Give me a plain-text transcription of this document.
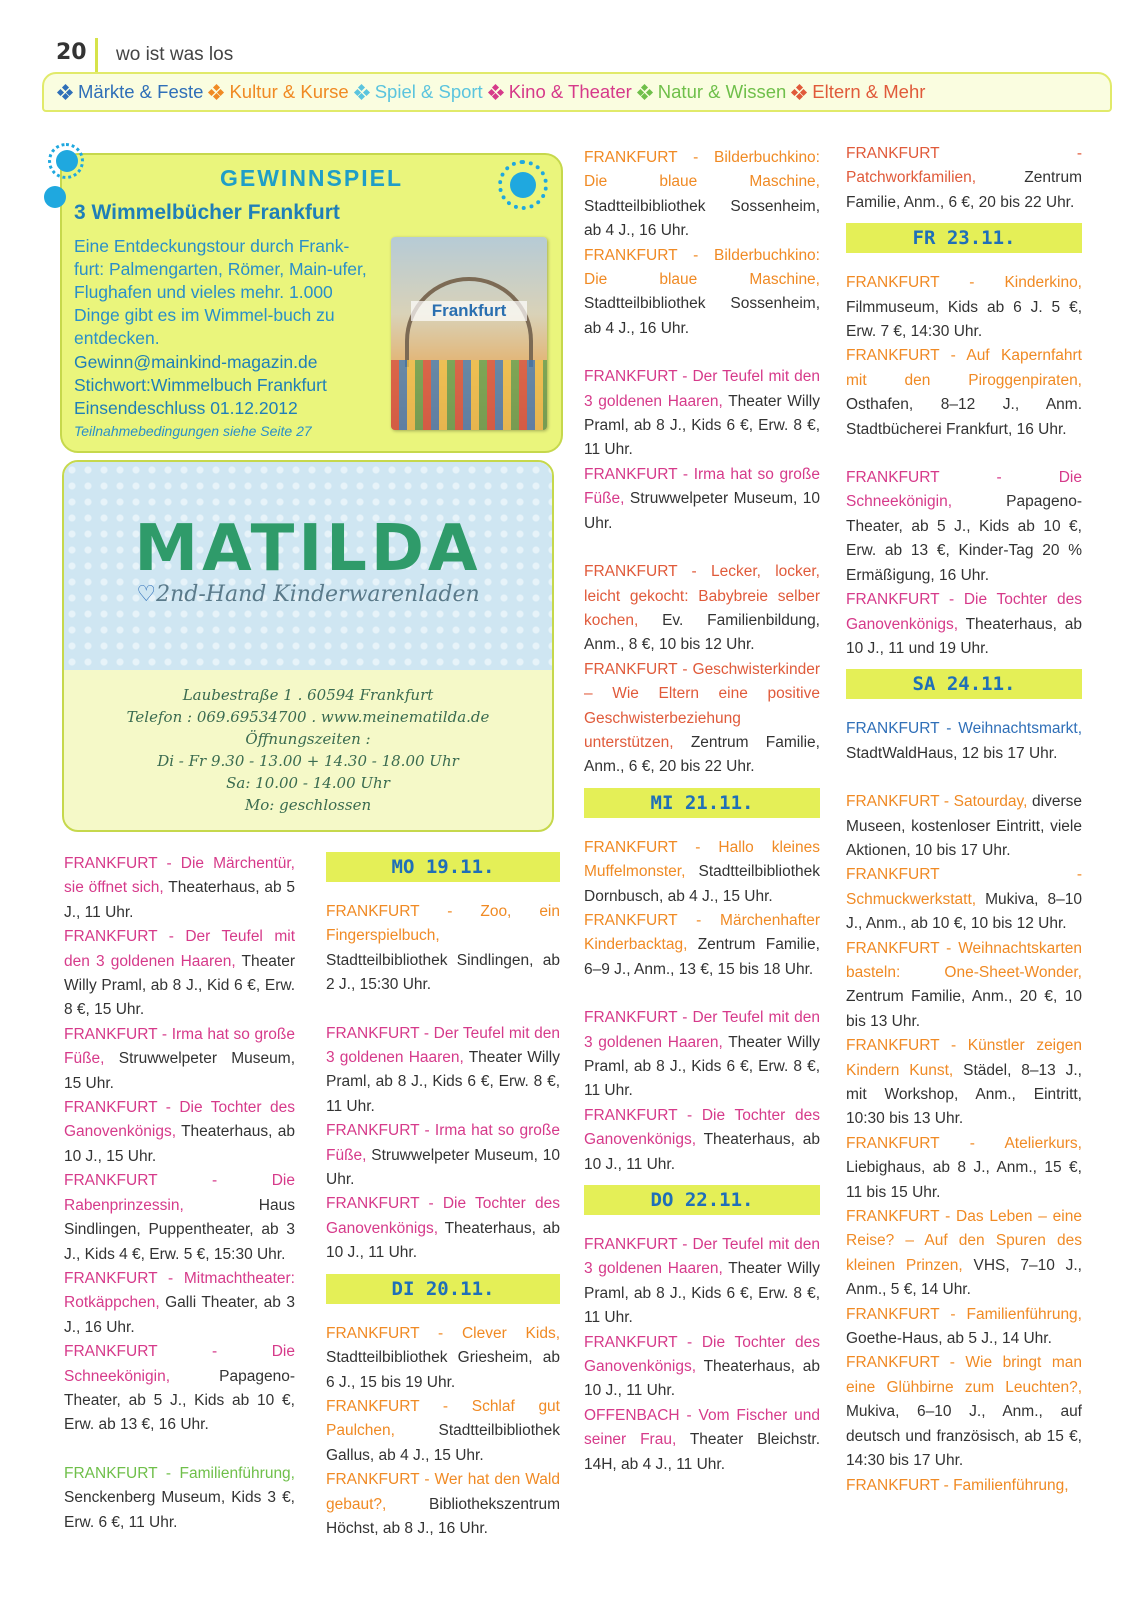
20 wo ist was los
Märkte & Feste Kultur & Kurse Spiel & Sport Kino & Theater Natur & Wissen Eltern & Mehr
GEWINNSPIEL
3 Wimmelbücher Frankfurt
Eine Entdeckungstour durch Frank-furt: Palmengarten, Römer, Main-ufer, Flughafen und vieles mehr. 1.000 Dinge gibt es im Wimmel-buch zu entdecken.
Gewinn@mainkind-magazin.de
Stichwort:Wimmelbuch Frankfurt
Einsendeschluss 01.12.2012
Teilnahmebedingungen siehe Seite 27
Frankfurt
MATILDA
♡2nd-Hand Kinderwarenladen
Laubestraße 1 . 60594 Frankfurt
Telefon : 069.69534700 . www.meinematilda.de
Öffnungszeiten :
Di - Fr 9.30 - 13.00 + 14.30 - 18.00 Uhr
Sa: 10.00 - 14.00 Uhr
Mo: geschlossen

FRANKFURT - Die Märchentür, sie öffnet sich, Theaterhaus, ab 5 J., 11 Uhr.

FRANKFURT - Der Teufel mit den 3 goldenen Haaren, Theater Willy Praml, ab 8 J., Kid 6 €, Erw. 8 €, 15 Uhr.

FRANKFURT - Irma hat so große Füße, Struwwelpeter Museum, 15 Uhr.

FRANKFURT - Die Tochter des Ganovenkönigs, Theaterhaus, ab 10 J., 15 Uhr.

FRANKFURT - Die Rabenprinzessin, Haus Sindlingen, Puppentheater, ab 3 J., Kids 4 €, Erw. 5 €, 15:30 Uhr.

FRANKFURT - Mitmachtheater: Rotkäppchen, Galli Theater, ab 3 J., 16 Uhr.

FRANKFURT - Die Schneekönigin, Papageno-Theater, ab 5 J., Kids ab 10 €, Erw. ab 13 €, 16 Uhr.

FRANKFURT - Familienführung, Senckenberg Museum, Kids 3 €, Erw. 6 €, 11 Uhr.

MO 19.11.

FRANKFURT - Zoo, ein Fingerspielbuch, Stadtteilbibliothek Sindlingen, ab 2 J., 15:30 Uhr.

FRANKFURT - Der Teufel mit den 3 goldenen Haaren, Theater Willy Praml, ab 8 J., Kids 6 €, Erw. 8 €, 11 Uhr.

FRANKFURT - Irma hat so große Füße, Struwwelpeter Museum, 10 Uhr.

FRANKFURT - Die Tochter des Ganovenkönigs, Theaterhaus, ab 10 J., 11 Uhr.

DI 20.11.

FRANKFURT - Clever Kids, Stadtteilbibliothek Griesheim, ab 6 J., 15 bis 19 Uhr.

FRANKFURT - Schlaf gut Paulchen, Stadtteilbibliothek Gallus, ab 4 J., 15 Uhr.

FRANKFURT - Wer hat den Wald gebaut?, Bibliothekszentrum Höchst, ab 8 J., 16 Uhr.

FRANKFURT - Bilderbuchkino: Die blaue Maschine, Stadtteilbibliothek Sossenheim, ab 4 J., 16 Uhr.

FRANKFURT - Bilderbuchkino: Die blaue Maschine, Stadtteilbibliothek Sossenheim, ab 4 J., 16 Uhr.

FRANKFURT - Der Teufel mit den 3 goldenen Haaren, Theater Willy Praml, ab 8 J., Kids 6 €, Erw. 8 €, 11 Uhr.

FRANKFURT - Irma hat so große Füße, Struwwelpeter Museum, 10 Uhr.

FRANKFURT - Lecker, locker, leicht gekocht: Babybreie selber kochen, Ev. Familienbildung, Anm., 8 €, 10 bis 12 Uhr.

FRANKFURT - Geschwisterkinder – Wie Eltern eine positive Geschwisterbeziehung unterstützen, Zentrum Familie, Anm., 6 €, 20 bis 22 Uhr.

MI 21.11.

FRANKFURT - Hallo kleines Muffelmonster, Stadtteilbibliothek Dornbusch, ab 4 J., 15 Uhr.

FRANKFURT - Märchenhafter Kinderbacktag, Zentrum Familie, 6–9 J., Anm., 13 €, 15 bis 18 Uhr.

FRANKFURT - Der Teufel mit den 3 goldenen Haaren, Theater Willy Praml, ab 8 J., Kids 6 €, Erw. 8 €, 11 Uhr.

FRANKFURT - Die Tochter des Ganovenkönigs, Theaterhaus, ab 10 J., 11 Uhr.

DO 22.11.

FRANKFURT - Der Teufel mit den 3 goldenen Haaren, Theater Willy Praml, ab 8 J., Kids 6 €, Erw. 8 €, 11 Uhr.

FRANKFURT - Die Tochter des Ganovenkönigs, Theaterhaus, ab 10 J., 11 Uhr.

OFFENBACH - Vom Fischer und seiner Frau, Theater Bleichstr. 14H, ab 4 J., 11 Uhr.

FRANKFURT - Patchworkfamilien, Zentrum Familie, Anm., 6 €, 20 bis 22 Uhr.

FR 23.11.

FRANKFURT - Kinderkino, Filmmuseum, Kids ab 6 J. 5 €, Erw. 7 €, 14:30 Uhr.

FRANKFURT - Auf Kapernfahrt mit den Piroggenpiraten, Osthafen, 8–12 J., Anm. Stadtbücherei Frankfurt, 16 Uhr.

FRANKFURT - Die Schneekönigin, Papageno-Theater, ab 5 J., Kids ab 10 €, Erw. ab 13 €, Kinder-Tag 20 % Ermäßigung, 16 Uhr.

FRANKFURT - Die Tochter des Ganovenkönigs, Theaterhaus, ab 10 J., 11 und 19 Uhr.

SA 24.11.

FRANKFURT - Weihnachtsmarkt, StadtWaldHaus, 12 bis 17 Uhr.

FRANKFURT - Satourday, diverse Museen, kostenloser Eintritt, viele Aktionen, 10 bis 17 Uhr.

FRANKFURT - Schmuckwerkstatt, Mukiva, 8–10 J., Anm., ab 10 €, 10 bis 12 Uhr.

FRANKFURT - Weihnachtskarten basteln: One-Sheet-Wonder, Zentrum Familie, Anm., 20 €, 10 bis 13 Uhr.

FRANKFURT - Künstler zeigen Kindern Kunst, Städel, 8–13 J., mit Workshop, Anm., Eintritt, 10:30 bis 13 Uhr.

FRANKFURT - Atelierkurs, Liebighaus, ab 8 J., Anm., 15 €, 11 bis 15 Uhr.

FRANKFURT - Das Leben – eine Reise? – Auf den Spuren des kleinen Prinzen, VHS, 7–10 J., Anm., 5 €, 14 Uhr.

FRANKFURT - Familienführung, Goethe-Haus, ab 5 J., 14 Uhr.

FRANKFURT - Wie bringt man eine Glühbirne zum Leuchten?, Mukiva, 6–10 J., Anm., auf deutsch und französisch, ab 15 €, 14:30 bis 17 Uhr.

FRANKFURT - Familienführung,
